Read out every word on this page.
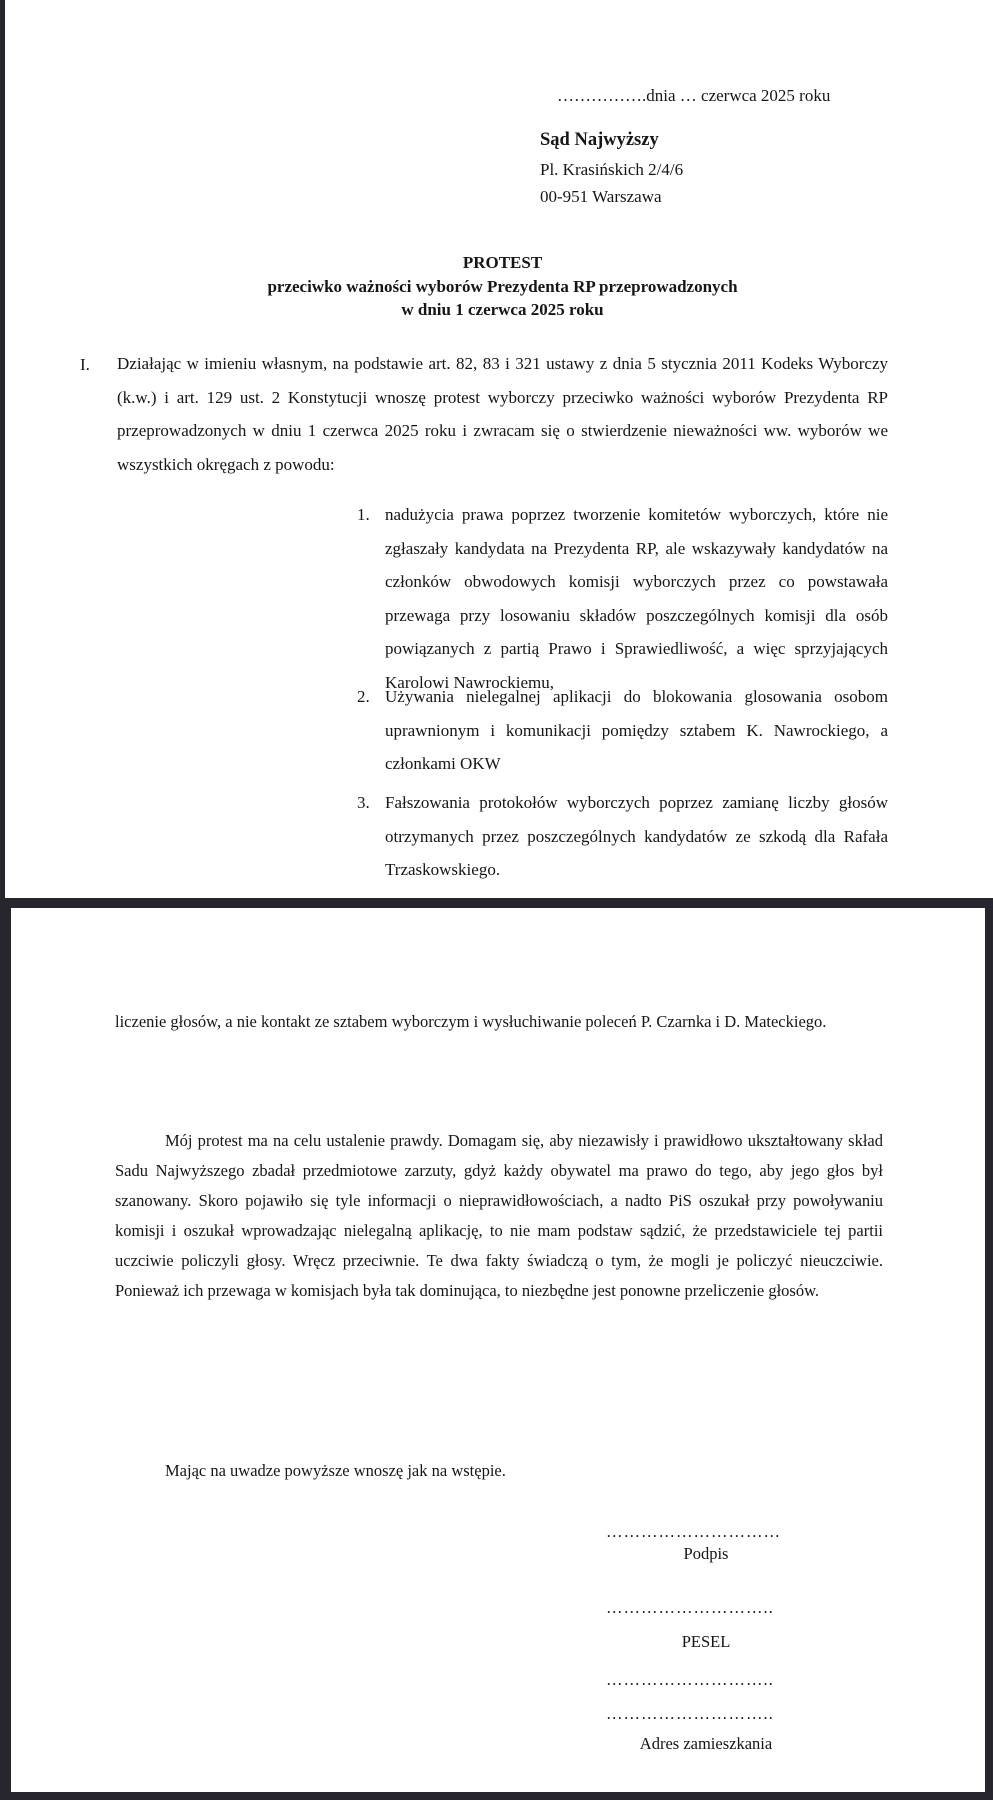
…………….dnia … czerwca 2025 roku
Sąd Najwyższy
Pl. Krasińskich 2/4/6
00-951 Warszawa
PROTEST
przeciwko ważności wyborów Prezydenta RP przeprowadzonych
w dniu 1 czerwca 2025 roku
I. Działając w imieniu własnym, na podstawie art. 82, 83 i 321 ustawy z dnia 5 stycznia 2011 Kodeks Wyborczy (k.w.) i art. 129 ust. 2 Konstytucji wnoszę protest wyborczy przeciwko ważności wyborów Prezydenta RP przeprowadzonych w dniu 1 czerwca 2025 roku i zwracam się o stwierdzenie nieważności ww. wyborów we wszystkich okręgach z powodu:
1. nadużycia prawa poprzez tworzenie komitetów wyborczych, które nie zgłaszały kandydata na Prezydenta RP, ale wskazywały kandydatów na członków obwodowych komisji wyborczych przez co powstawała przewaga przy losowaniu składów poszczególnych komisji dla osób powiązanych z partią Prawo i Sprawiedliwość, a więc sprzyjających Karolowi Nawrockiemu,
2. Używania nielegalnej aplikacji do blokowania glosowania osobom uprawnionym i komunikacji pomiędzy sztabem K. Nawrockiego, a członkami OKW
3. Fałszowania protokołów wyborczych poprzez zamianę liczby głosów otrzymanych przez poszczególnych kandydatów ze szkodą dla Rafała Trzaskowskiego.
liczenie głosów, a nie kontakt ze sztabem wyborczym i wysłuchiwanie poleceń P. Czarnka i D. Mateckiego.
Mój protest ma na celu ustalenie prawdy. Domagam się, aby niezawisły i prawidłowo ukształtowany skład Sadu Najwyższego zbadał przedmiotowe zarzuty, gdyż każdy obywatel ma prawo do tego, aby jego głos był szanowany. Skoro pojawiło się tyle informacji o nieprawidłowościach, a nadto PiS oszukał przy powoływaniu komisji i oszukał wprowadzając nielegalną aplikację, to nie mam podstaw sądzić, że przedstawiciele tej partii uczciwie policzyli głosy. Wręcz przeciwnie. Te dwa fakty świadczą o tym, że mogli je policzyć nieuczciwie. Ponieważ ich przewaga w komisjach była tak dominująca, to niezbędne jest ponowne przeliczenie głosów.
Mając na uwadze powyższe wnoszę jak na wstępie.
…………………………
Podpis
………………………..
PESEL
………………………..
………………………..
Adres zamieszkania
